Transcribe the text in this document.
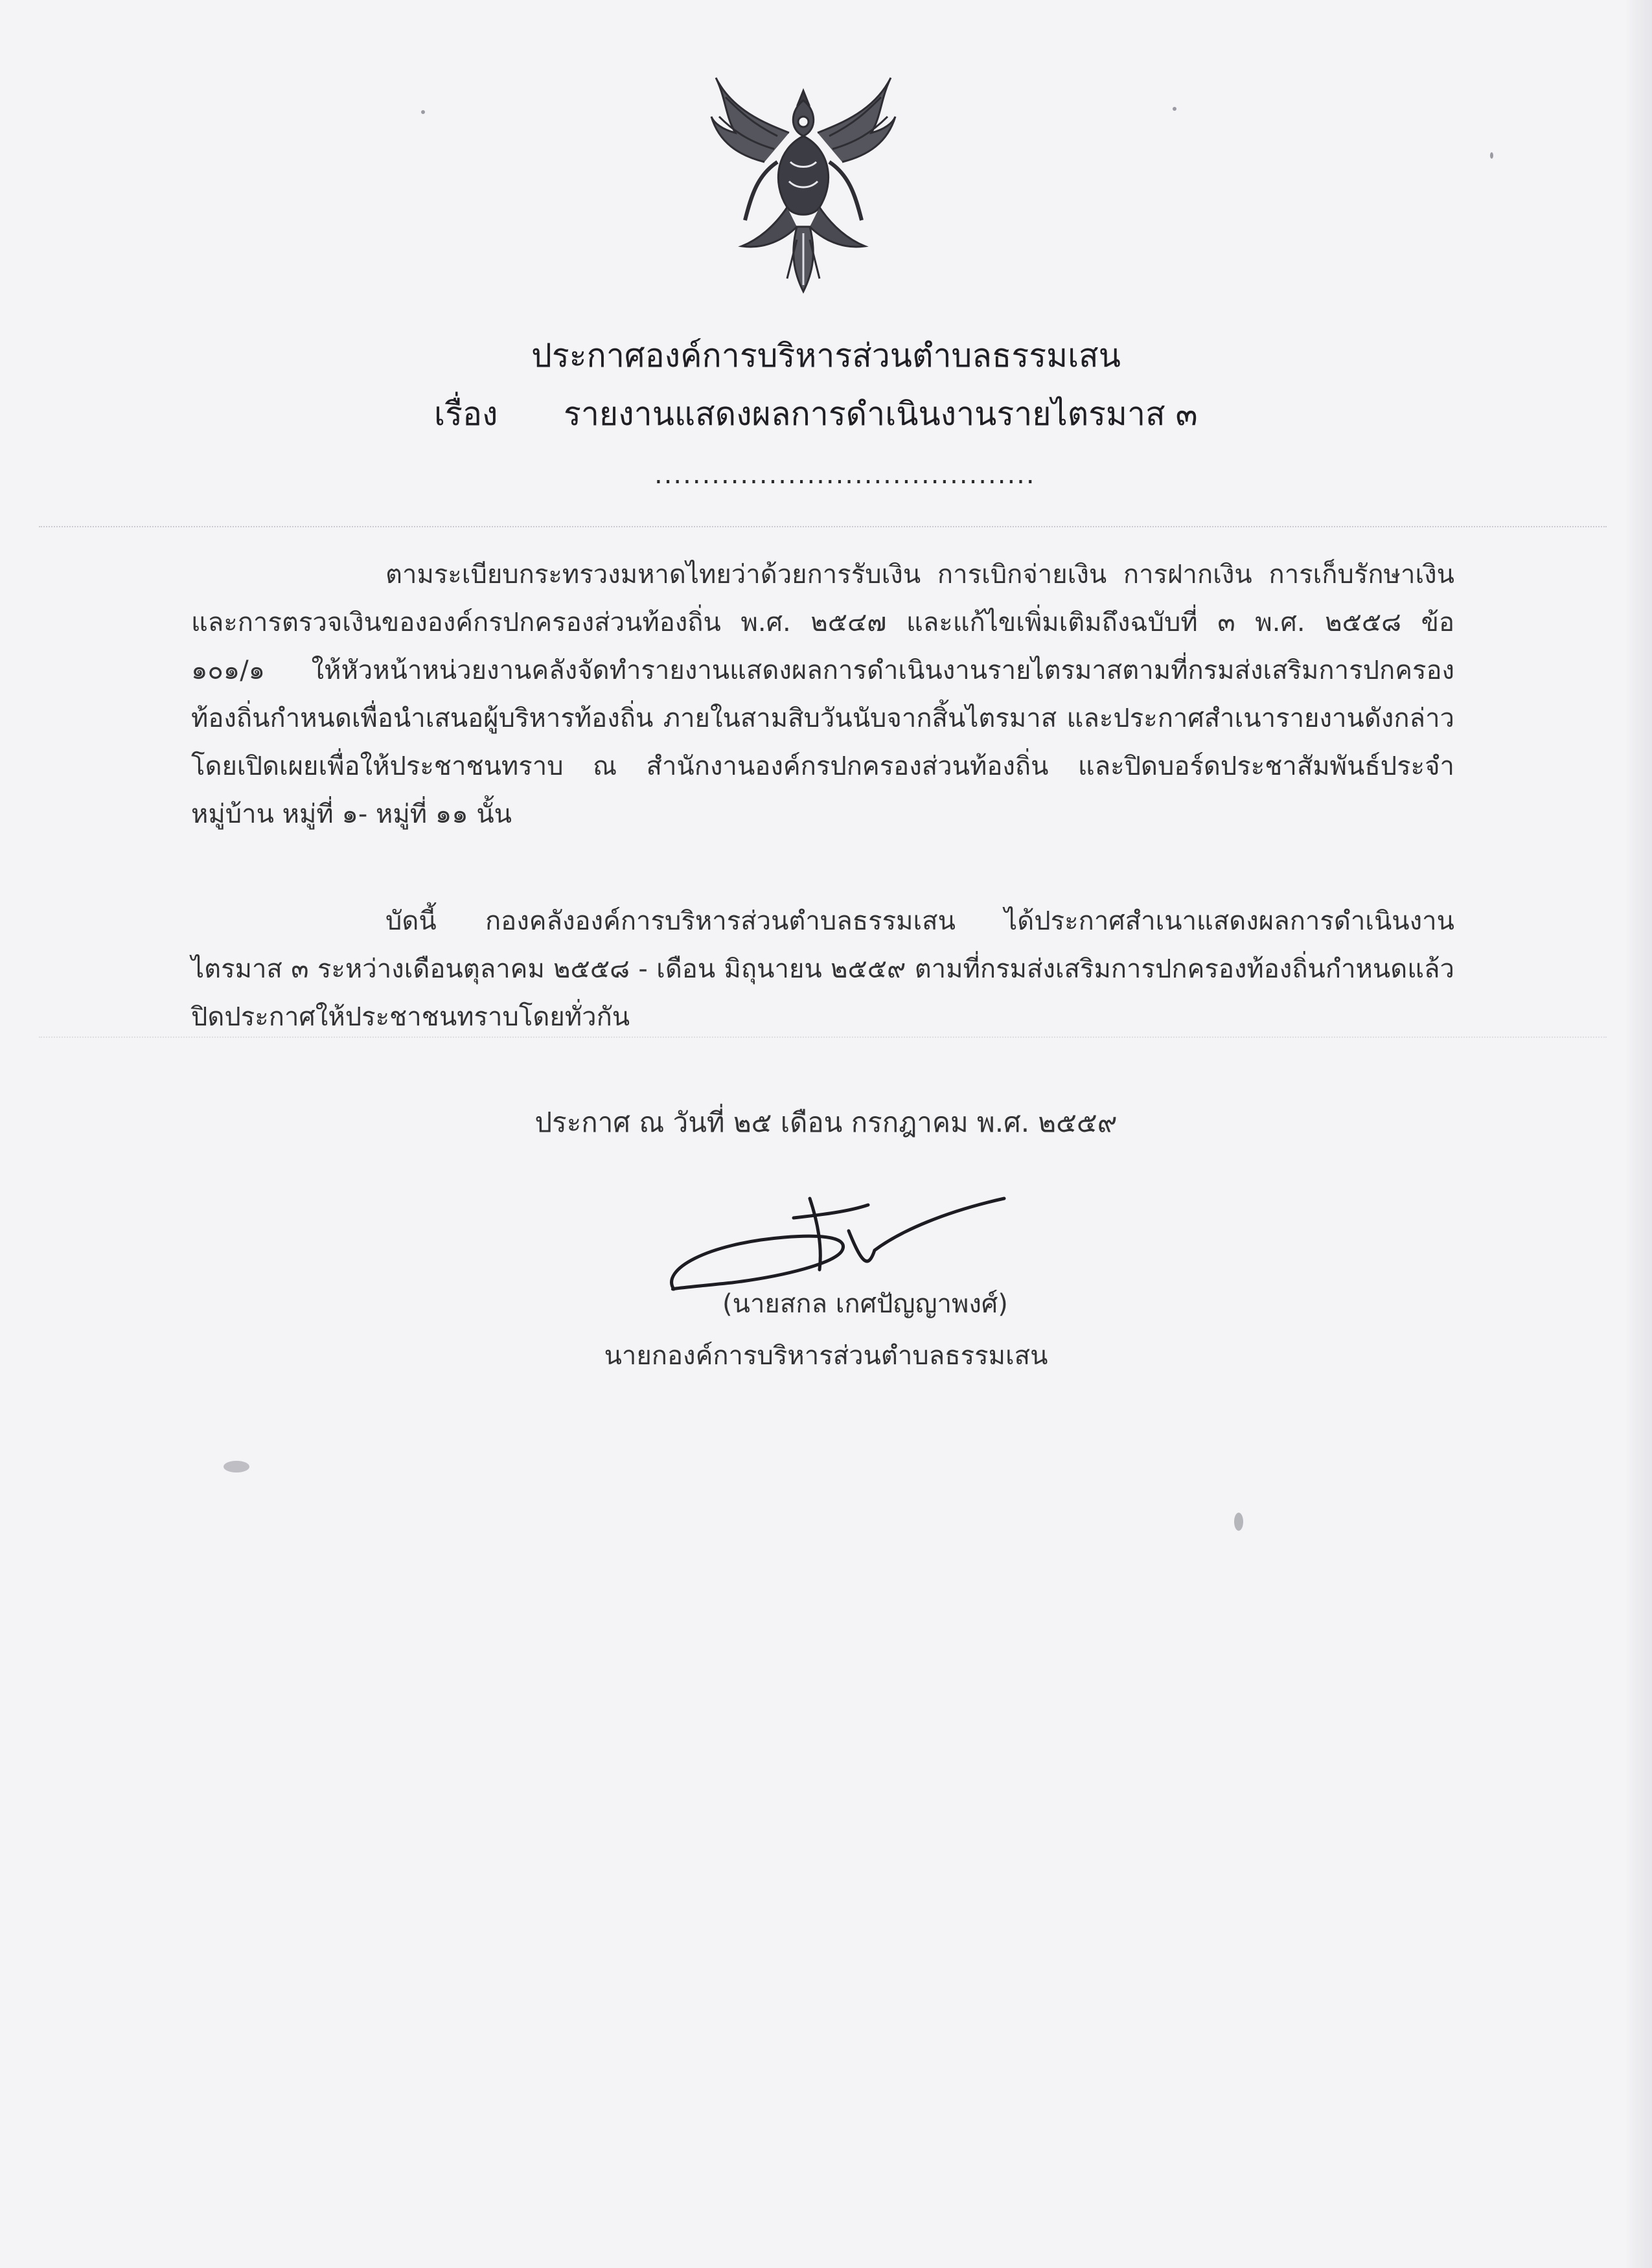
ประกาศองค์การบริหารส่วนตำบลธรรมเสน
เรื่อง รายงานแสดงผลการดำเนินงานรายไตรมาส ๓
........................................
ตามระเบียบกระทรวงมหาดไทยว่าด้วยการรับเงิน การเบิกจ่ายเงิน การฝากเงิน การเก็บรักษาเงิน และการตรวจเงินขององค์กรปกครองส่วนท้องถิ่น พ.ศ. ๒๕๔๗ และแก้ไขเพิ่มเติมถึงฉบับที่ ๓ พ.ศ. ๒๕๕๘ ข้อ ๑๐๑/๑ ให้หัวหน้าหน่วยงานคลังจัดทำรายงานแสดงผลการดำเนินงานรายไตรมาสตามที่กรมส่งเสริมการปกครองท้องถิ่นกำหนดเพื่อนำเสนอผู้บริหารท้องถิ่น ภายในสามสิบวันนับจากสิ้นไตรมาส และประกาศสำเนารายงานดังกล่าวโดยเปิดเผยเพื่อให้ประชาชนทราบ ณ สำนักงานองค์กรปกครองส่วนท้องถิ่น และปิดบอร์ดประชาสัมพันธ์ประจำหมู่บ้าน หมู่ที่ ๑- หมู่ที่ ๑๑ นั้น
บัดนี้ กองคลังองค์การบริหารส่วนตำบลธรรมเสน ได้ประกาศสำเนาแสดงผลการดำเนินงานไตรมาส ๓ ระหว่างเดือนตุลาคม ๒๕๕๘ - เดือน มิถุนายน ๒๕๕๙ ตามที่กรมส่งเสริมการปกครองท้องถิ่นกำหนดแล้ว ปิดประกาศให้ประชาชนทราบโดยทั่วกัน
ประกาศ ณ วันที่ ๒๕ เดือน กรกฎาคม พ.ศ. ๒๕๕๙
(นายสกล เกศปัญญาพงศ์)
นายกองค์การบริหารส่วนตำบลธรรมเสน
